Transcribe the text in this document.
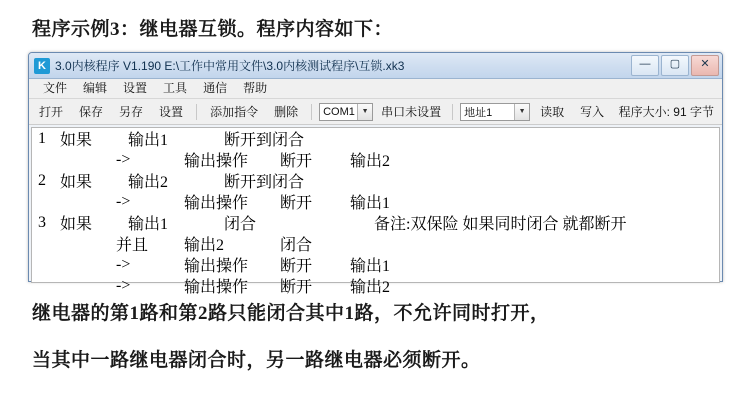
程序示例3：继电器互锁。程序内容如下：
K 3.0内核程序 V1.190 E:\工作中常用文件\3.0内核测试程序\互锁.xk3	—	▢	✕
文件	编辑	设置	工具	通信	帮助
打开	保存	另存	设置	添加指令	删除	COM1 ▼	串口未设置	地址1	▼	读取	写入	程序大小: 91 字节
1 如果	输出1	断开到闭合
->	输出操作	断开	输出2
2 如果	输出2	断开到闭合
->	输出操作	断开	输出1
3 如果	输出1	闭合	备注:双保险 如果同时闭合 就都断开
并且	输出2	闭合
->	输出操作	断开	输出1
->	输出操作	断开	输出2
继电器的第1路和第2路只能闭合其中1路，不允许同时打开，
当其中一路继电器闭合时，另一路继电器必须断开。
